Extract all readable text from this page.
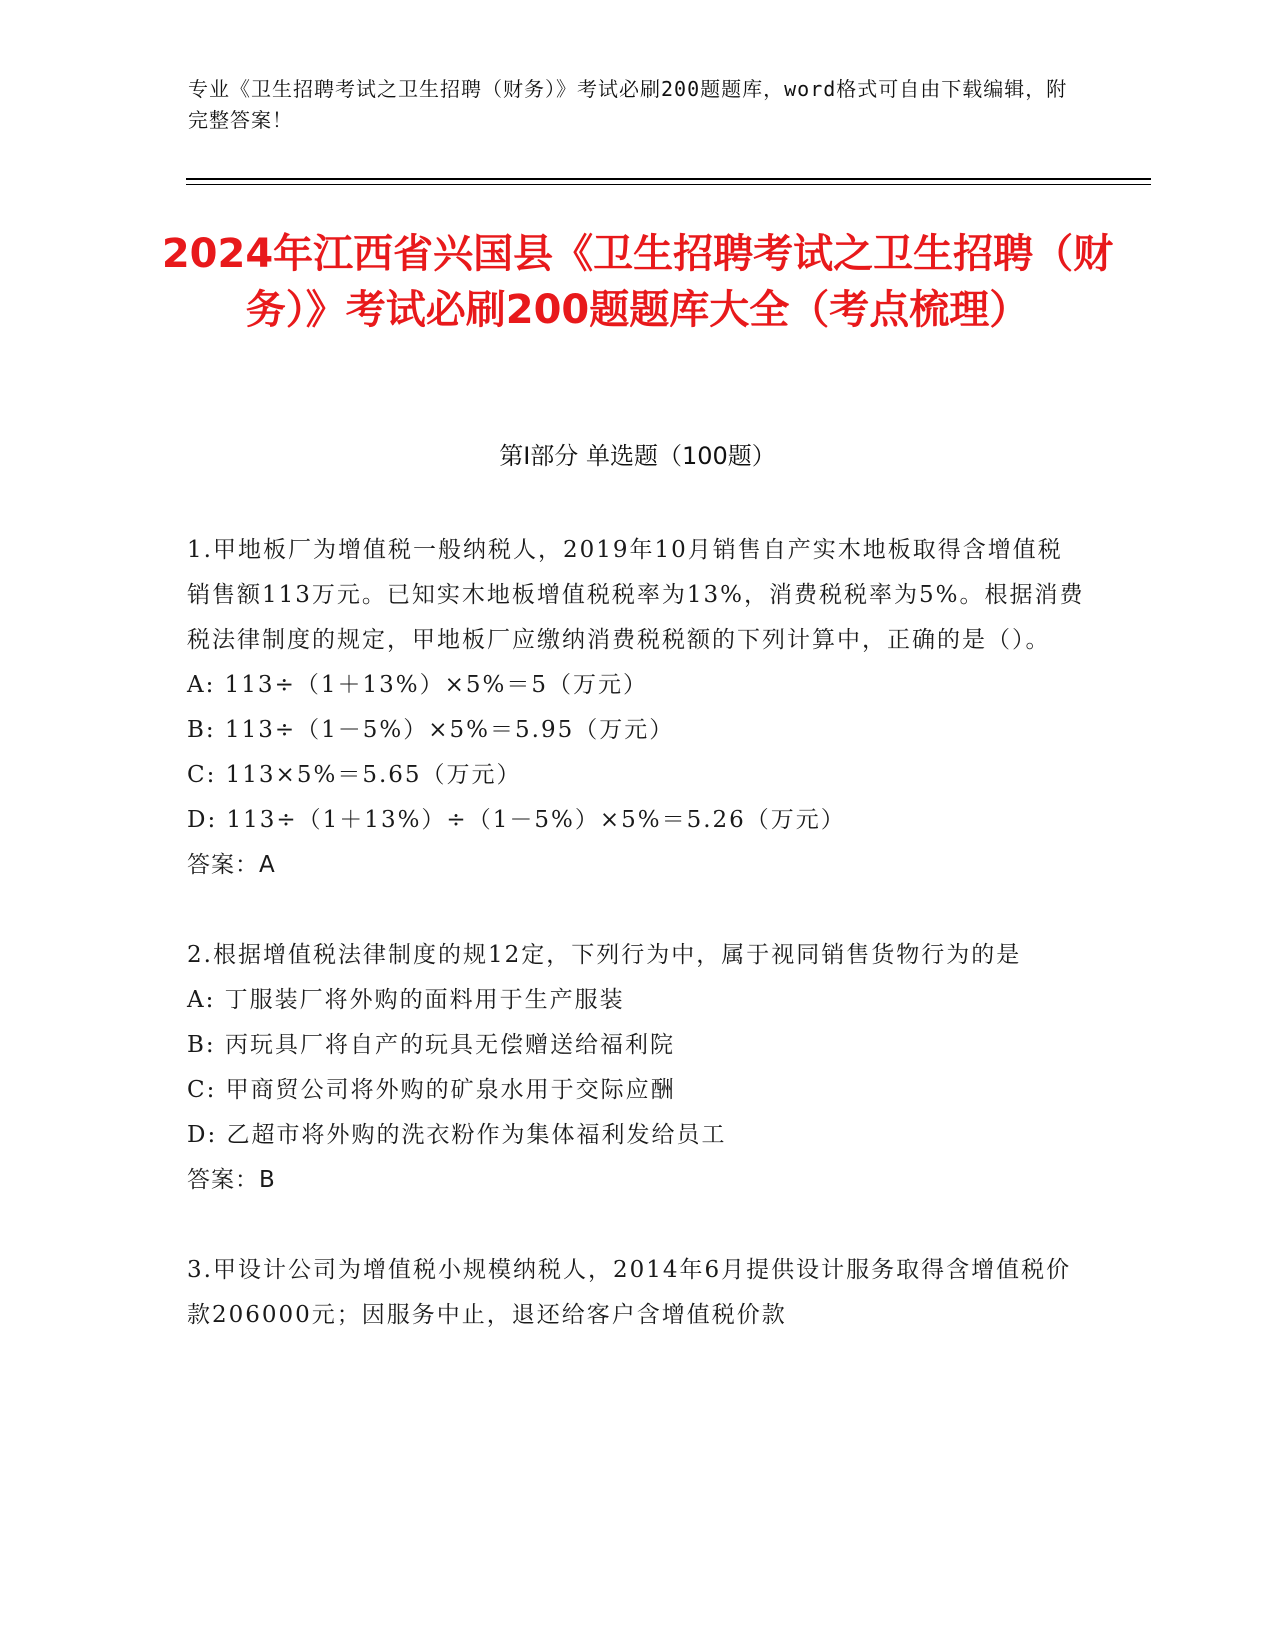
专业《卫生招聘考试之卫生招聘（财务）》考试必刷200题题库，word格式可自由下载编辑，附完整答案！
2024年江西省兴国县《卫生招聘考试之卫生招聘（财务）》考试必刷200题题库大全（考点梳理）
第I部分 单选题（100题）
1.甲地板厂为增值税一般纳税人，2019年10月销售自产实木地板取得含增值税销售额113万元。已知实木地板增值税税率为13%，消费税税率为5%。根据消费税法律制度的规定，甲地板厂应缴纳消费税税额的下列计算中，正确的是（）。
A: 113÷（1＋13%）×5%＝5（万元）
B: 113÷（1－5%）×5%＝5.95（万元）
C: 113×5%＝5.65（万元）
D: 113÷（1＋13%）÷（1－5%）×5%＝5.26（万元）
答案：A
2.根据增值税法律制度的规12定，下列行为中，属于视同销售货物行为的是
A: 丁服装厂将外购的面料用于生产服装
B: 丙玩具厂将自产的玩具无偿赠送给福利院
C: 甲商贸公司将外购的矿泉水用于交际应酬
D: 乙超市将外购的洗衣粉作为集体福利发给员工
答案：B
3.甲设计公司为增值税小规模纳税人，2014年6月提供设计服务取得含增值税价款206000元；因服务中止，退还给客户含增值税价款
